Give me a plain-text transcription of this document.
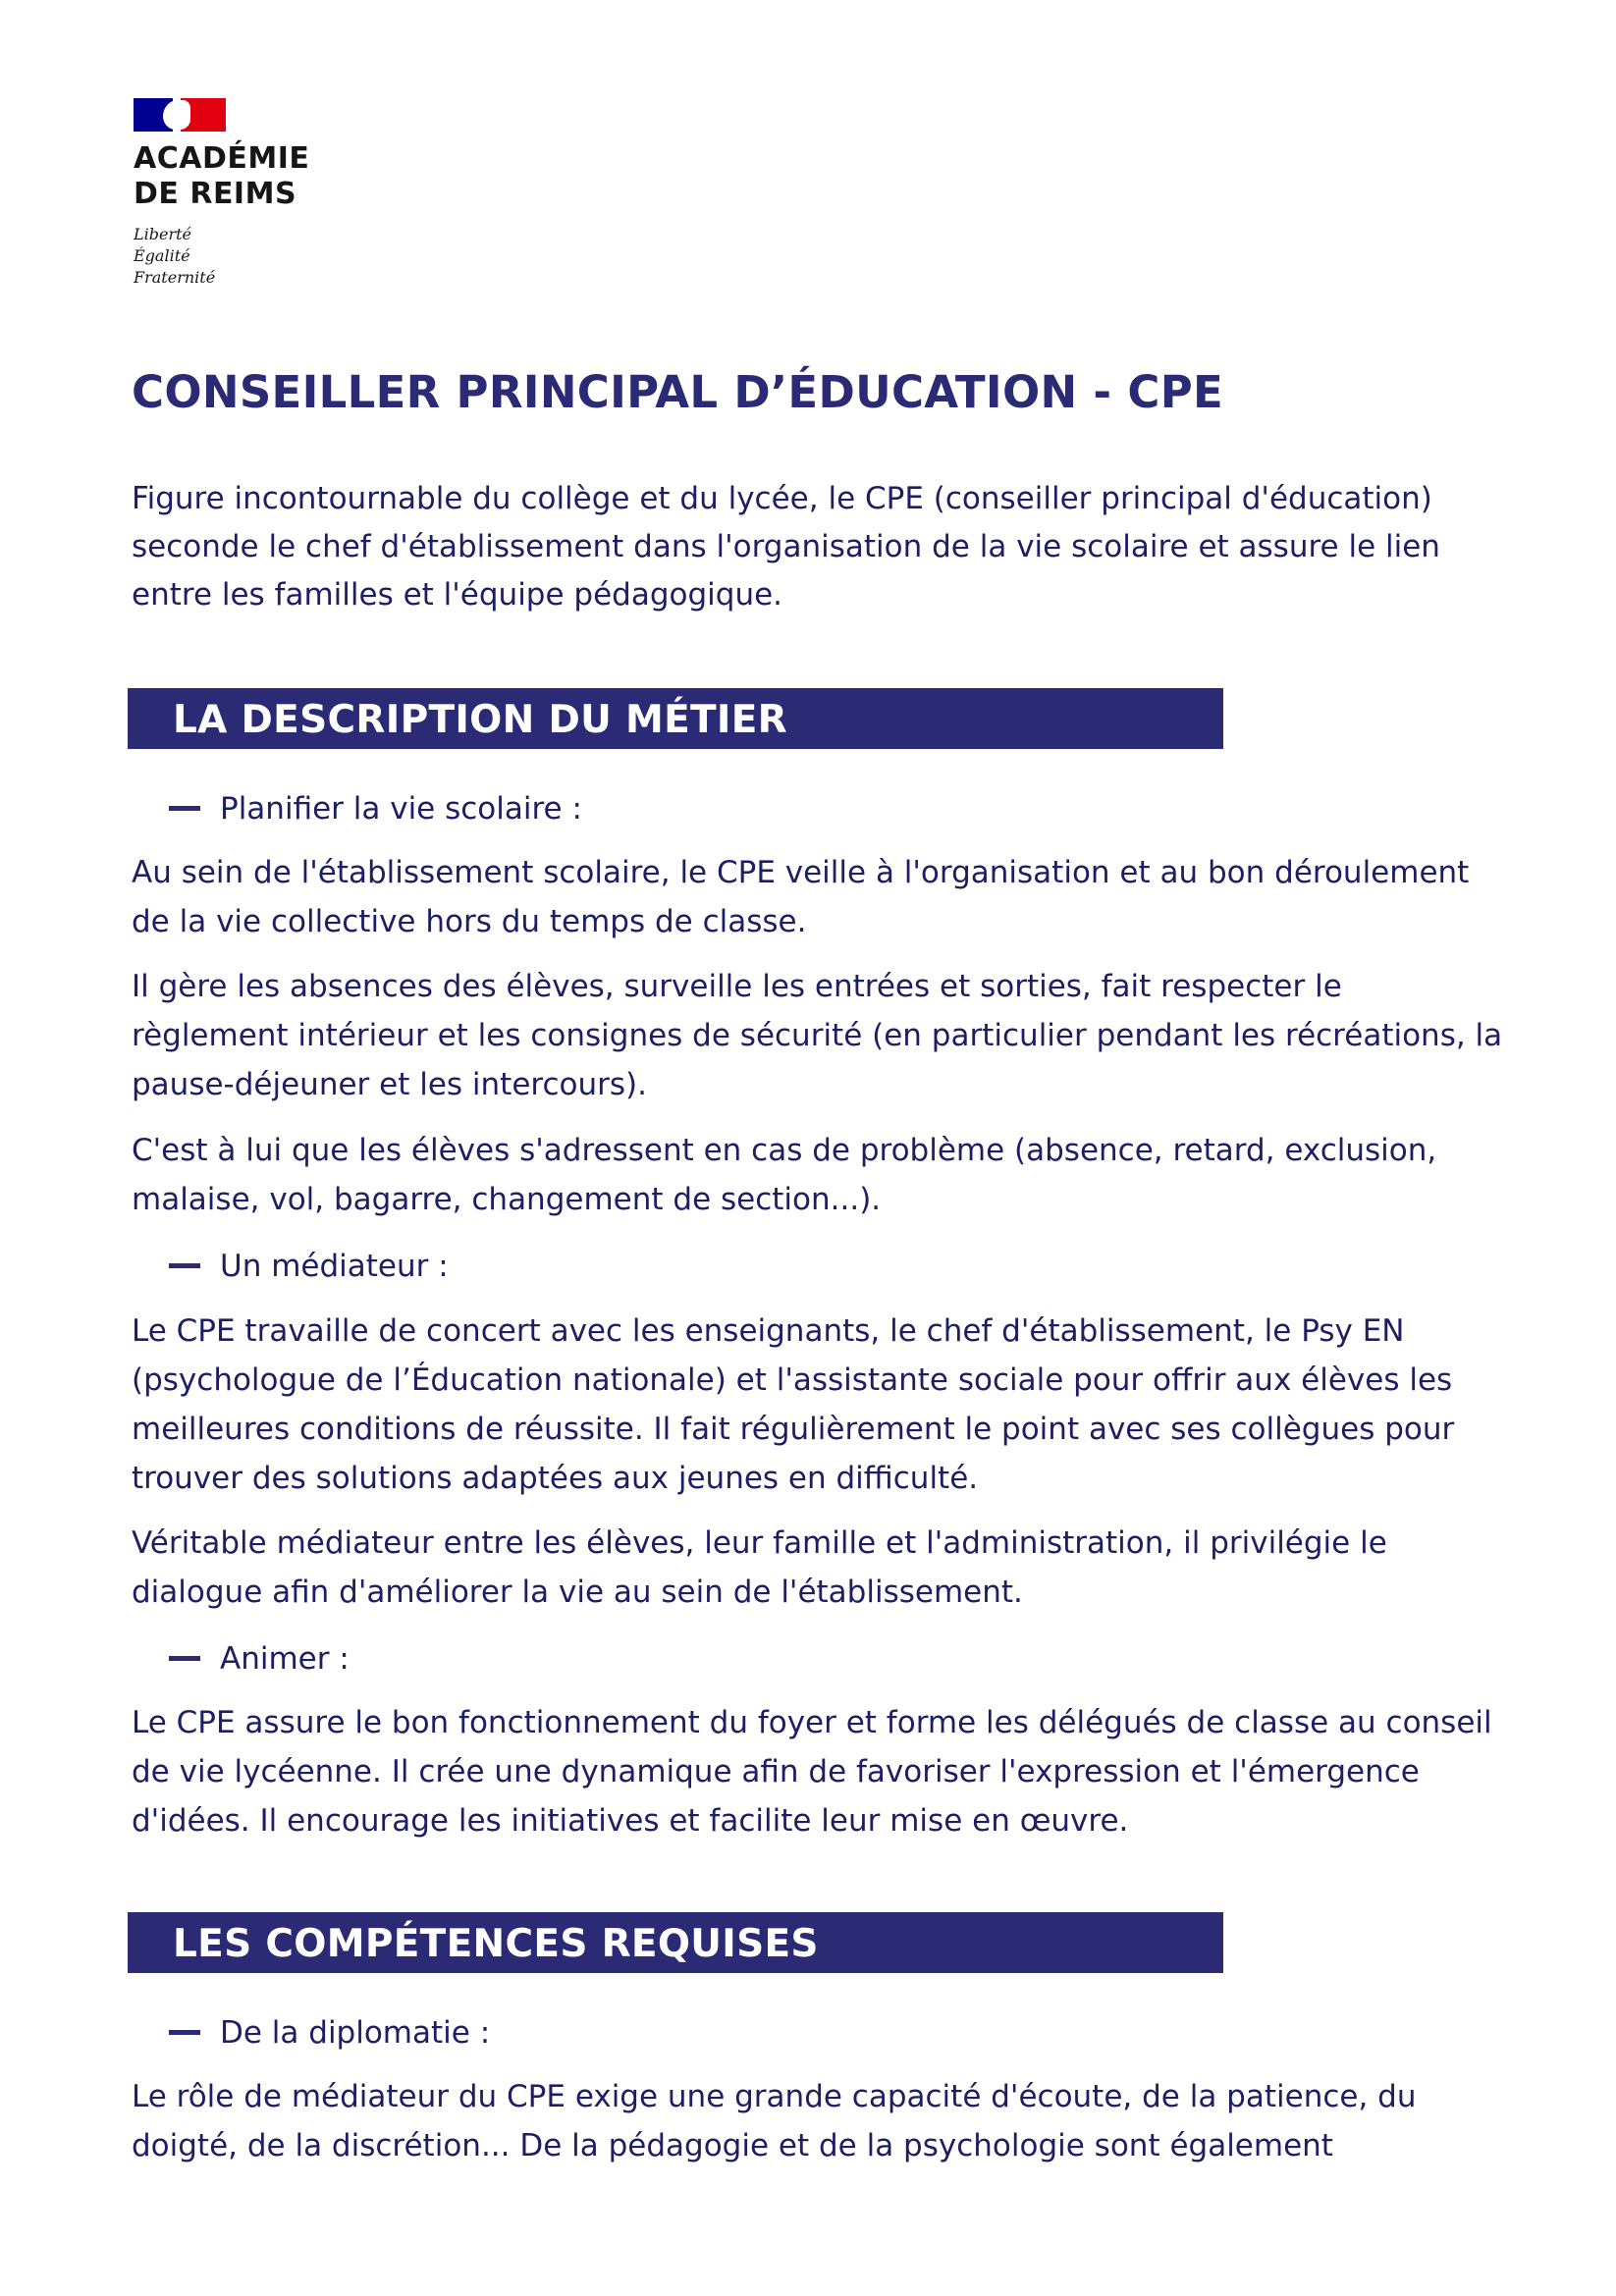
ACADÉMIE
DE REIMS
Liberté
Égalité
Fraternité
CONSEILLER PRINCIPAL D’ÉDUCATION - CPE

Figure incontournable du collège et du lycée, le CPE (conseiller principal d'éducation) seconde le chef d'établissement dans l'organisation de la vie scolaire et assure le lien entre les familles et l'équipe pédagogique.

LA DESCRIPTION DU MÉTIER
Planifier la vie scolaire :

Au sein de l'établissement scolaire, le CPE veille à l'organisation et au bon déroulement de la vie collective hors du temps de classe.

Il gère les absences des élèves, surveille les entrées et sorties, fait respecter le règlement intérieur et les consignes de sécurité (en particulier pendant les récréations, la pause-déjeuner et les intercours).

C'est à lui que les élèves s'adressent en cas de problème (absence, retard, exclusion, malaise, vol, bagarre, changement de section...).

Un médiateur :

Le CPE travaille de concert avec les enseignants, le chef d'établissement, le Psy EN (psychologue de l’Éducation nationale) et l'assistante sociale pour offrir aux élèves les meilleures conditions de réussite. Il fait régulièrement le point avec ses collègues pour trouver des solutions adaptées aux jeunes en difficulté.

Véritable médiateur entre les élèves, leur famille et l'administration, il privilégie le dialogue afin d'améliorer la vie au sein de l'établissement.

Animer :

Le CPE assure le bon fonctionnement du foyer et forme les délégués de classe au conseil de vie lycéenne. Il crée une dynamique afin de favoriser l'expression et l'émergence d'idées. Il encourage les initiatives et facilite leur mise en œuvre.

LES COMPÉTENCES REQUISES
De la diplomatie :

Le rôle de médiateur du CPE exige une grande capacité d'écoute, de la patience, du doigté, de la discrétion... De la pédagogie et de la psychologie sont également
